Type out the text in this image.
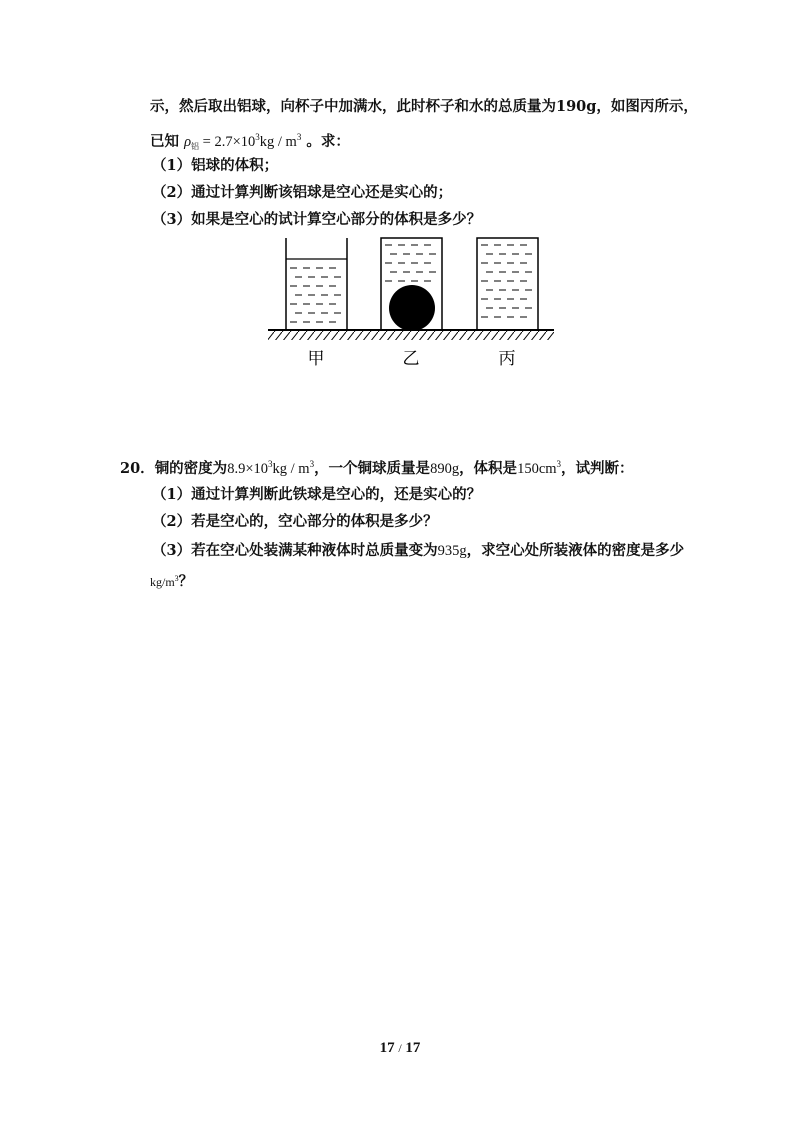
示，然后取出铝球，向杯子中加满水，此时杯子和水的总质量为190g，如图丙所示，
已知 $\rho_铝 = 2.7\times 10^3kg / m^3$ 。求：
（1）铝球的体积；
（2）通过计算判断该铝球是空心还是实心的；
（3）如果是空心的试计算空心部分的体积是多少？
甲	乙	丙
20．铜的密度为$8.9\times 10^3kg / m^3$，一个铜球质量是890g，体积是$150cm^3$，试判断：
（1）通过计算判断此铁球是空心的，还是实心的？
（2）若是空心的，空心部分的体积是多少？
（3）若在空心处装满某种液体时总质量变为935g，求空心处所装液体的密度是多少
$kg/m^3$？
17 / 17
